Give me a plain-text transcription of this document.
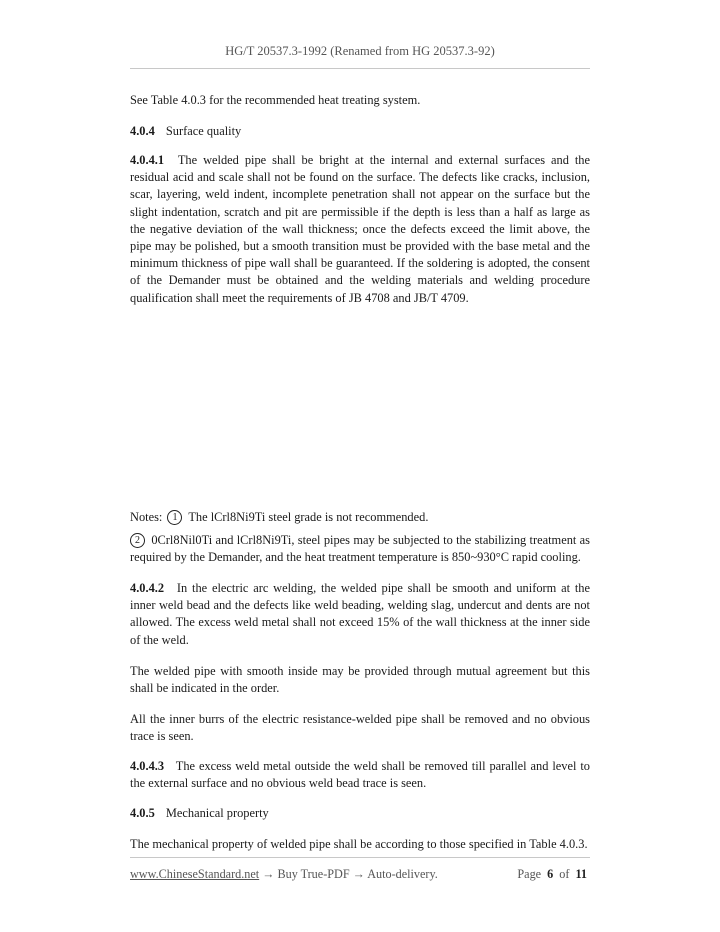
HG/T 20537.3-1992 (Renamed from HG 20537.3-92)

See Table 4.0.3 for the recommended heat treating system.

4.0.4 Surface quality

4.0.4.1 The welded pipe shall be bright at the internal and external surfaces and the residual acid and scale shall not be found on the surface. The defects like cracks, inclusion, scar, layering, weld indent, incomplete penetration shall not appear on the surface but the slight indentation, scratch and pit are permissible if the depth is less than a half as large as the negative deviation of the wall thickness; once the defects exceed the limit above, the pipe may be polished, but a smooth transition must be provided with the base metal and the minimum thickness of pipe wall shall be guaranteed. If the soldering is adopted, the consent of the Demander must be obtained and the welding materials and welding procedure qualification shall meet the requirements of JB 4708 and JB/T 4709.

Notes: 1 The lCrl8Ni9Ti steel grade is not recommended.

2 0Crl8Nil0Ti and lCrl8Ni9Ti, steel pipes may be subjected to the stabilizing treatment as required by the Demander, and the heat treatment temperature is 850~930°C rapid cooling.

4.0.4.2 In the electric arc welding, the welded pipe shall be smooth and uniform at the inner weld bead and the defects like weld beading, welding slag, undercut and dents are not allowed. The excess weld metal shall not exceed 15% of the wall thickness at the inner side of the weld.

The welded pipe with smooth inside may be provided through mutual agreement but this shall be indicated in the order.

All the inner burrs of the electric resistance-welded pipe shall be removed and no obvious trace is seen.

4.0.4.3 The excess weld metal outside the weld shall be removed till parallel and level to the external surface and no obvious weld bead trace is seen.

4.0.5 Mechanical property

The mechanical property of welded pipe shall be according to those specified in Table 4.0.3.

www.ChineseStandard.net → Buy True-PDF → Auto-delivery.	Page 6 of 11
